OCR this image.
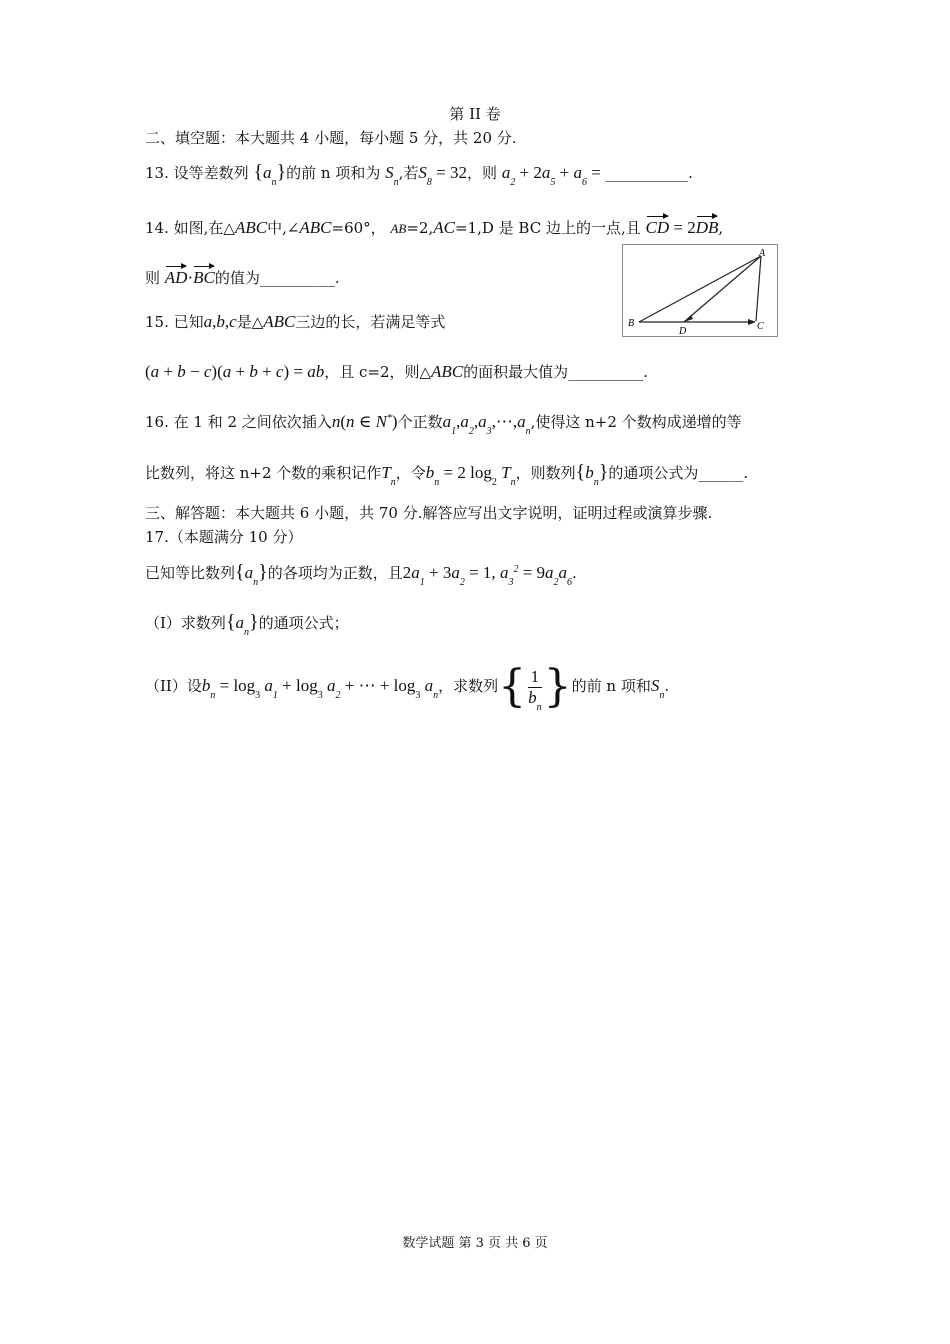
第 II 卷
二、填空题：本大题共 4 小题，每小题 5 分，共 20 分.
13. 设等差数列 $\{a_n\}$的前 n 项和为 $S_n$,若$S_8 = 32$，则 $a_2 + 2a_5 + a_6$ = ___________.
14. 如图,在△ABC中,∠ABC=60°， AB=2,AC=1,D 是 BC 边上的一点,且 CD = 2DB,
则 AD·BC的值为__________.
A
B	C
D
15. 已知a,b,c是△ABC三边的长，若满足等式
(a + b − c)(a + b + c) = ab，且 c=2，则△ABC的面积最大值为__________.
16. 在 1 和 2 之间依次插入n(n ∈ N*)个正数$a_1,a_2,a_3,\cdots,a_n$,使得这 n+2 个数构成递增的等
比数列，将这 n+2 个数的乘积记作$T_n$，令$b_n = 2$ $\log_2 T_n$，则数列$\{b_n\}$的通项公式为______.
三、解答题：本大题共 6 小题，共 70 分.解答应写出文字说明，证明过程或演算步骤.
17.（本题满分 10 分）
已知等比数列$\{a_n\}$的各项均为正数，且$2a_1 + 3a_2 = 1$, $a_3^2 = 9a_2a_6$.
（I）求数列$\{a_n\}$的通项公式；
（II）设$b_n = \log_3 a_1 + \log_3 a_2$ + ⋯ + $\log_3 a_n$，求数列{ $\frac{1}{b_n}$ }的前 n 项和$S_n$.
数学试题 第 3 页 共 6 页
